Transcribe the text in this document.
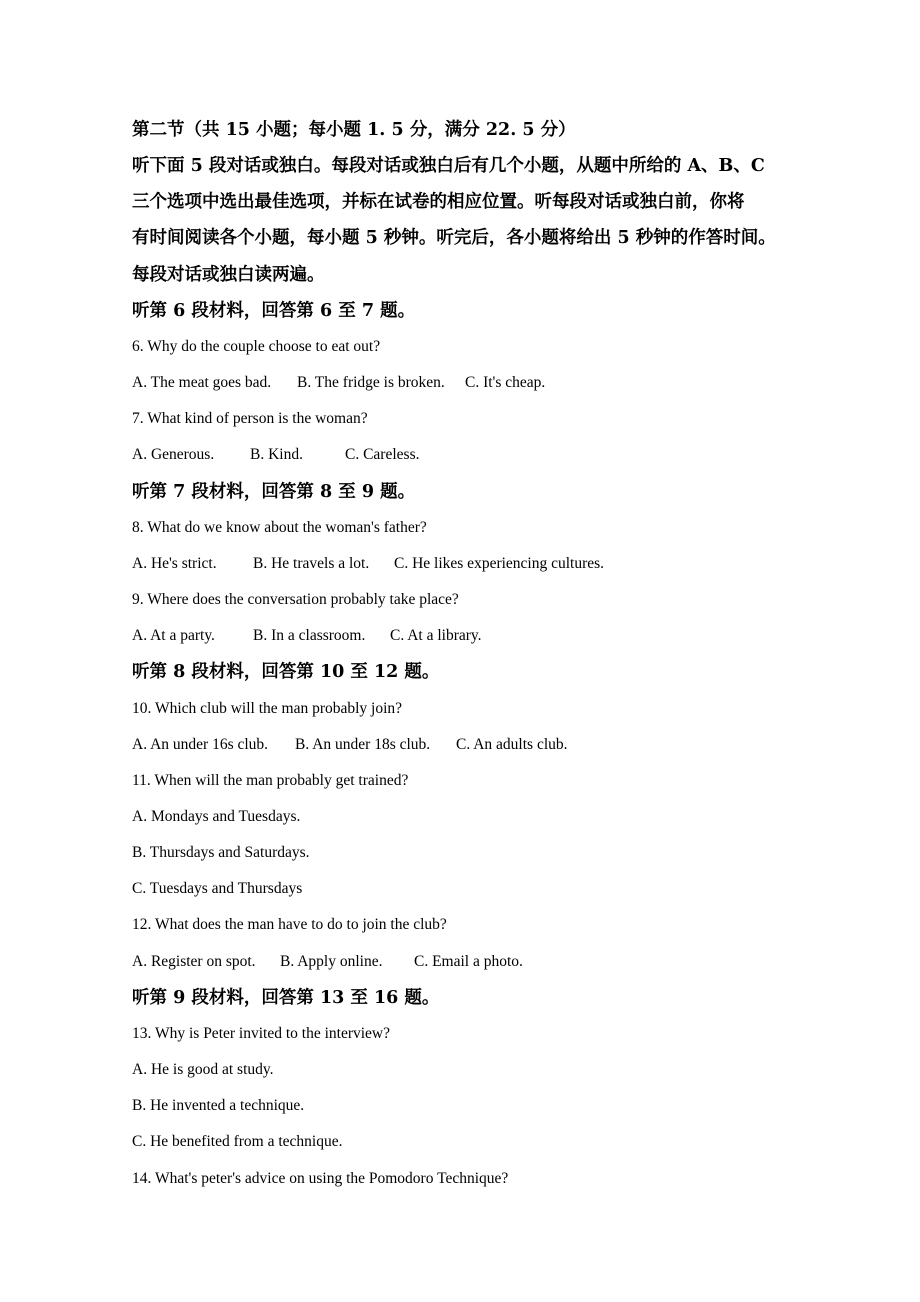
第二节（共 15 小题；每小题 1. 5 分，满分 22. 5 分）
听下面 5 段对话或独白。每段对话或独白后有几个小题，从题中所给的 A、B、C
三个选项中选出最佳选项，并标在试卷的相应位置。听每段对话或独白前，你将
有时间阅读各个小题，每小题 5 秒钟。听完后，各小题将给出 5 秒钟的作答时间。
每段对话或独白读两遍。
听第 6 段材料，回答第 6 至 7 题。
6. Why do the couple choose to eat out?
A. The meat goes bad. B. The fridge is broken. C. It's cheap.
7. What kind of person is the woman?
A. Generous. B. Kind.	C. Careless.
听第 7 段材料，回答第 8 至 9 题。
8. What do we know about the woman's father?
A. He's strict. B. He travels a lot. C. He likes experiencing cultures.
9. Where does the conversation probably take place?
A. At a party. B. In a classroom. C. At a library.
听第 8 段材料，回答第 10 至 12 题。
10. Which club will the man probably join?
A. An under 16s club. B. An under 18s club. C. An adults club.
11. When will the man probably get trained?
A. Mondays and Tuesdays.
B. Thursdays and Saturdays.
C. Tuesdays and Thursdays
12. What does the man have to do to join the club?
A. Register on spot. B. Apply online. C. Email a photo.
听第 9 段材料，回答第 13 至 16 题。
13. Why is Peter invited to the interview?
A. He is good at study.
B. He invented a technique.
C. He benefited from a technique.
14. What's peter's advice on using the Pomodoro Technique?
